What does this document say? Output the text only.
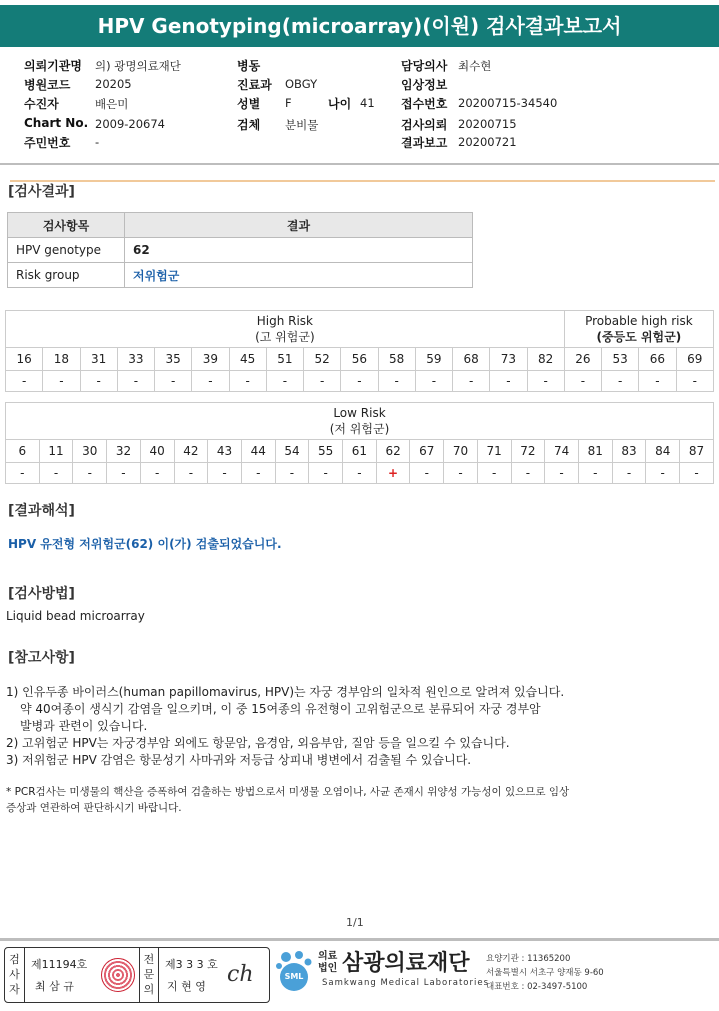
HPV Genotyping(microarray)(이원) 검사결과보고서
의뢰기관명 의) 광명의료재단
병원코드 20205
수진자	배은미
Chart No. 2009-20674
주민번호 -
병동
진료과 OBGY
성별 F	나이 41
검체 분비물
담당의사 최수현
임상정보
접수번호 20200715-34540
검사의뢰 20200715
결과보고 20200721
[검사결과]
검사항목	결과
HPV genotype	62
Risk group	저위험군
High Risk
(고 위험군)															Probable high risk
(중등도 위험군)			
16	18	31	33	35	39	45	51	52	56	58	59	68	73	82	26	53	66	69
-	-	-	-	-	-	-	-	-	-	-	-	-	-	-	-	-	-	-
Low Risk
(저 위험군)																				
6	11	30	32	40	42	43	44	54	55	61	62	67	70	71	72	74	81	83	84	87
-	-	-	-	-	-	-	-	-	-	-	+	-	-	-	-	-	-	-	-	-
[결과해석]
HPV 유전형 저위험군(62) 이(가) 검출되었습니다.
[검사방법]
Liquid bead microarray
[참고사항]
1) 인유두종 바이러스(human papillomavirus, HPV)는 자궁 경부암의 일차적 원인으로 알려져 있습니다.
약 40여종이 생식기 감염을 일으키며, 이 중 15여종의 유전형이 고위험군으로 분류되어 자궁 경부암
발병과 관련이 있습니다.
2) 고위험군 HPV는 자궁경부암 외에도 항문암, 음경암, 외음부암, 질암 등을 일으킬 수 있습니다.
3) 저위험군 HPV 감염은 항문성기 사마귀와 저등급 상피내 병변에서 검출될 수 있습니다.
* PCR검사는 미생물의 핵산을 증폭하여 검출하는 방법으로서 미생물 오염이나, 사균 존재시 위양성 가능성이 있으므로 임상
증상과 연관하여 판단하시기 바랍니다.
1/1
검사자
제11194호
최 삼 규
전문의
제3 3 3 호
지 현 영 ch	SML
의료
법인 삼광의료재단
Samkwang Medical Laboratories
요양기관 : 11365200
서울특별시 서초구 양재동 9-60
대표번호 : 02-3497-5100
